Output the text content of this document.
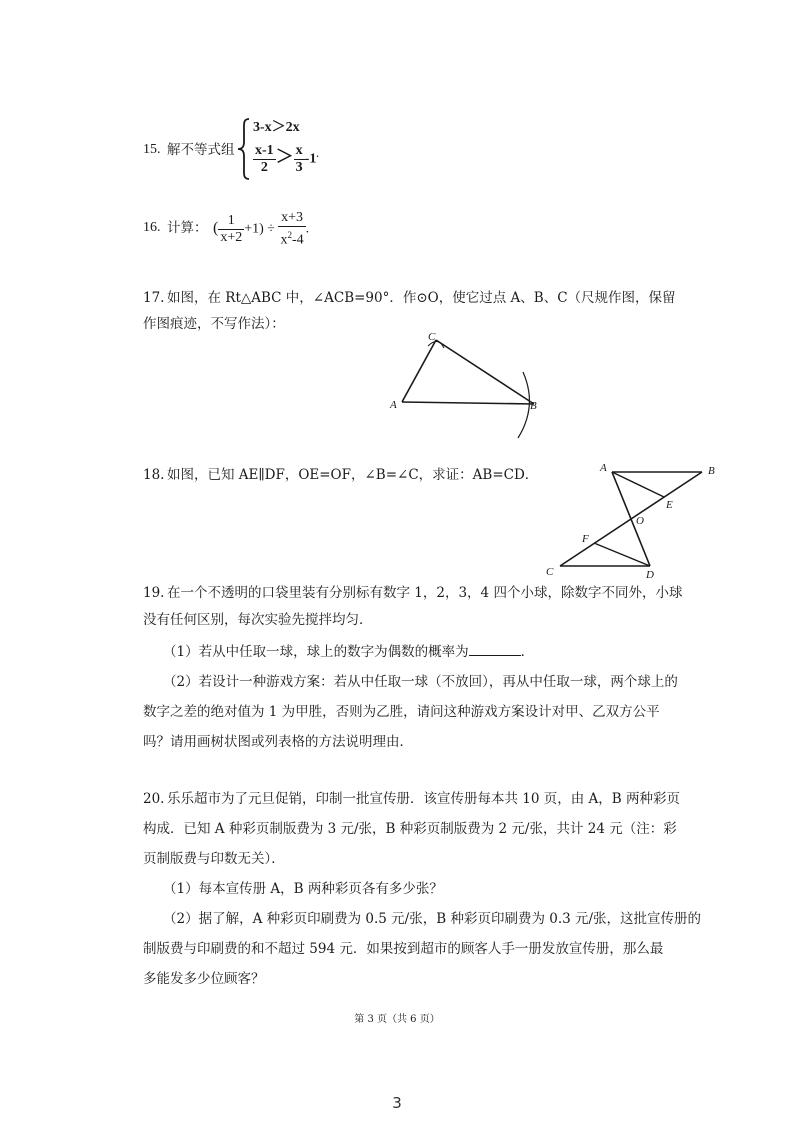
15. 解不等式组
3-x＞2x
$\frac{x-1}{2} > \frac{x}{3} -1^.$
16. 计算： ( $\frac{1}{x+2} +1) \div \frac{x+3}{x^2-4}$ .
17. 如图，在 Rt△ABC 中，∠ACB=90°．作⊙O，使它过点 A、B、C（尺规作图，保留
作图痕迹，不写作法）：
A	B
C
18. 如图，已知 AE∥DF，OE=OF，∠B=∠C，求证：AB=CD．	A	B
E
O
F
C	D
19. 在一个不透明的口袋里装有分别标有数字 1，2，3，4 四个小球，除数字不同外，小球
没有任何区别，每次实验先搅拌均匀．
（1）若从中任取一球，球上的数字为偶数的概率为	．
（2）若设计一种游戏方案：若从中任取一球（不放回），再从中任取一球，两个球上的
数字之差的绝对值为 1 为甲胜，否则为乙胜，请问这种游戏方案设计对甲、乙双方公平
吗？请用画树状图或列表格的方法说明理由．
20. 乐乐超市为了元旦促销，印制一批宣传册．该宣传册每本共 10 页，由 A，B 两种彩页
构成．已知 A 种彩页制版费为 3 元/张，B 种彩页制版费为 2 元/张，共计 24 元（注：彩
页制版费与印数无关）．
（1）每本宣传册 A，B 两种彩页各有多少张？
（2）据了解，A 种彩页印刷费为 0.5 元/张，B 种彩页印刷费为 0.3 元/张，这批宣传册的
制版费与印刷费的和不超过 594 元．如果按到超市的顾客人手一册发放宣传册，那么最
多能发多少位顾客？
第 3 页（共 6 页）
3
